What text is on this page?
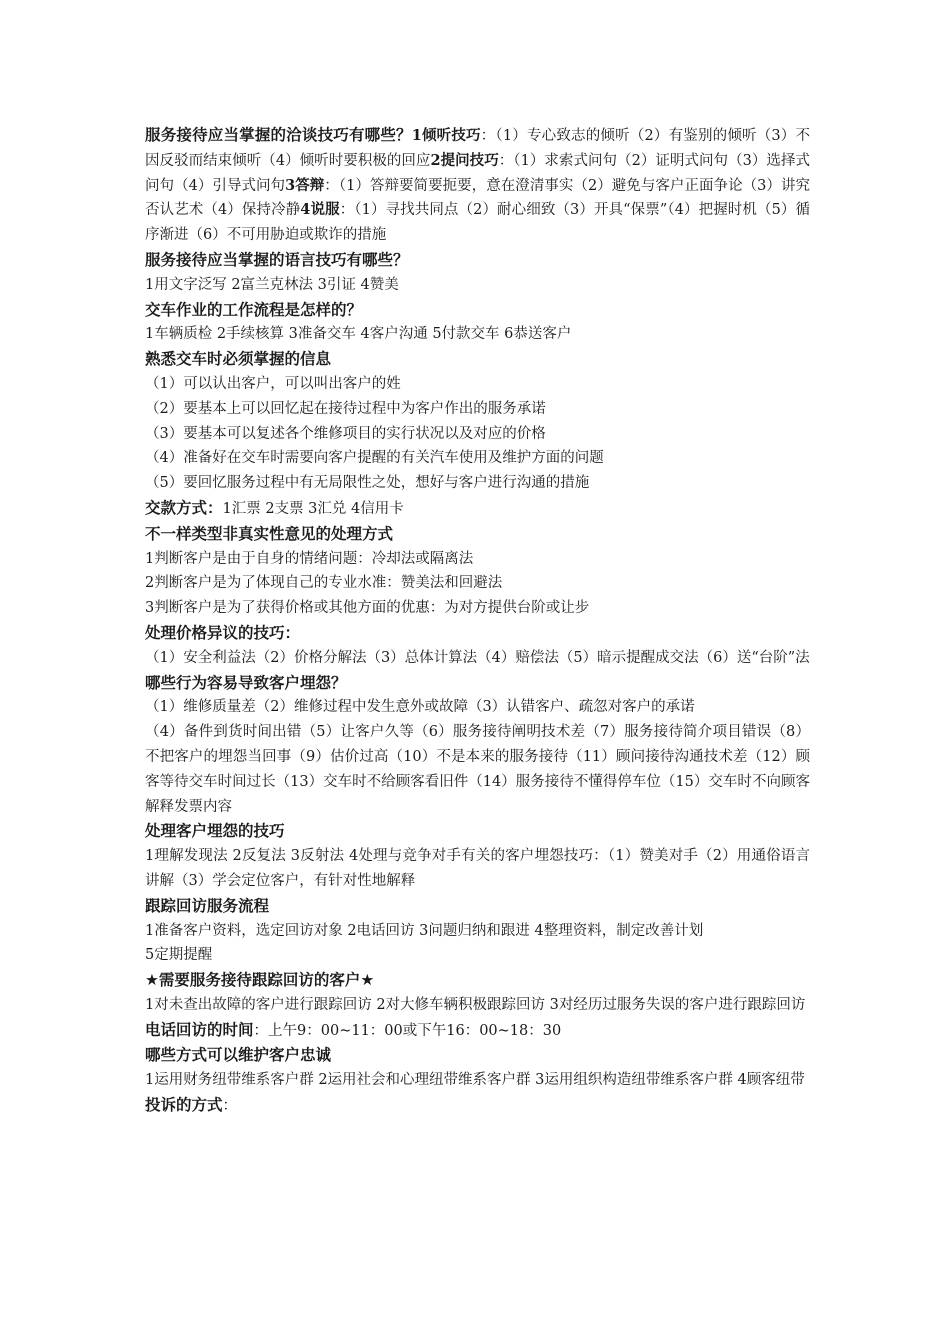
服务接待应当掌握的洽谈技巧有哪些？1倾听技巧：（1）专心致志的倾听（2）有鉴别的倾听（3）不因反驳而结束倾听（4）倾听时要积极的回应2提问技巧：（1）求索式问句（2）证明式问句（3）选择式问句（4）引导式问句3答辩：（1）答辩要简要扼要，意在澄清事实（2）避免与客户正面争论（3）讲究否认艺术（4）保持冷静4说服：（1）寻找共同点（2）耐心细致（3）开具“保票”（4）把握时机（5）循序渐进（6）不可用胁迫或欺诈的措施

服务接待应当掌握的语言技巧有哪些？

1用文字泛写 2富兰克林法 3引证 4赞美

交车作业的工作流程是怎样的？

1车辆质检 2手续核算 3准备交车 4客户沟通 5付款交车 6恭送客户

熟悉交车时必须掌握的信息

（1）可以认出客户，可以叫出客户的姓

（2）要基本上可以回忆起在接待过程中为客户作出的服务承诺

（3）要基本可以复述各个维修项目的实行状况以及对应的价格

（4）准备好在交车时需要向客户提醒的有关汽车使用及维护方面的问题

（5）要回忆服务过程中有无局限性之处，想好与客户进行沟通的措施

交款方式：1汇票 2支票 3汇兑 4信用卡

不一样类型非真实性意见的处理方式

1判断客户是由于自身的情绪问题：冷却法或隔离法

2判断客户是为了体现自己的专业水准：赞美法和回避法

3判断客户是为了获得价格或其他方面的优惠：为对方提供台阶或让步

处理价格异议的技巧：

（1）安全利益法（2）价格分解法（3）总体计算法（4）赔偿法（5）暗示提醒成交法（6）送“台阶”法

哪些行为容易导致客户埋怨？

（1）维修质量差（2）维修过程中发生意外或故障（3）认错客户、疏忽对客户的承诺

（4）备件到货时间出错（5）让客户久等（6）服务接待阐明技术差（7）服务接待简介项目错误（8）不把客户的埋怨当回事（9）估价过高（10）不是本来的服务接待（11）顾问接待沟通技术差（12）顾客等待交车时间过长（13）交车时不给顾客看旧件（14）服务接待不懂得停车位（15）交车时不向顾客解释发票内容

处理客户埋怨的技巧

1理解发现法 2反复法 3反射法 4处理与竞争对手有关的客户埋怨技巧：（1）赞美对手（2）用通俗语言讲解（3）学会定位客户，有针对性地解释

跟踪回访服务流程

1准备客户资料，选定回访对象 2电话回访 3问题归纳和跟进 4整理资料，制定改善计划

5定期提醒

★需要服务接待跟踪回访的客户★

1对未查出故障的客户进行跟踪回访 2对大修车辆积极跟踪回访 3对经历过服务失误的客户进行跟踪回访

电话回访的时间：上午9：00~11：00或下午16：00~18：30

哪些方式可以维护客户忠诚

1运用财务纽带维系客户群 2运用社会和心理纽带维系客户群 3运用组织构造纽带维系客户群 4顾客纽带

投诉的方式：
